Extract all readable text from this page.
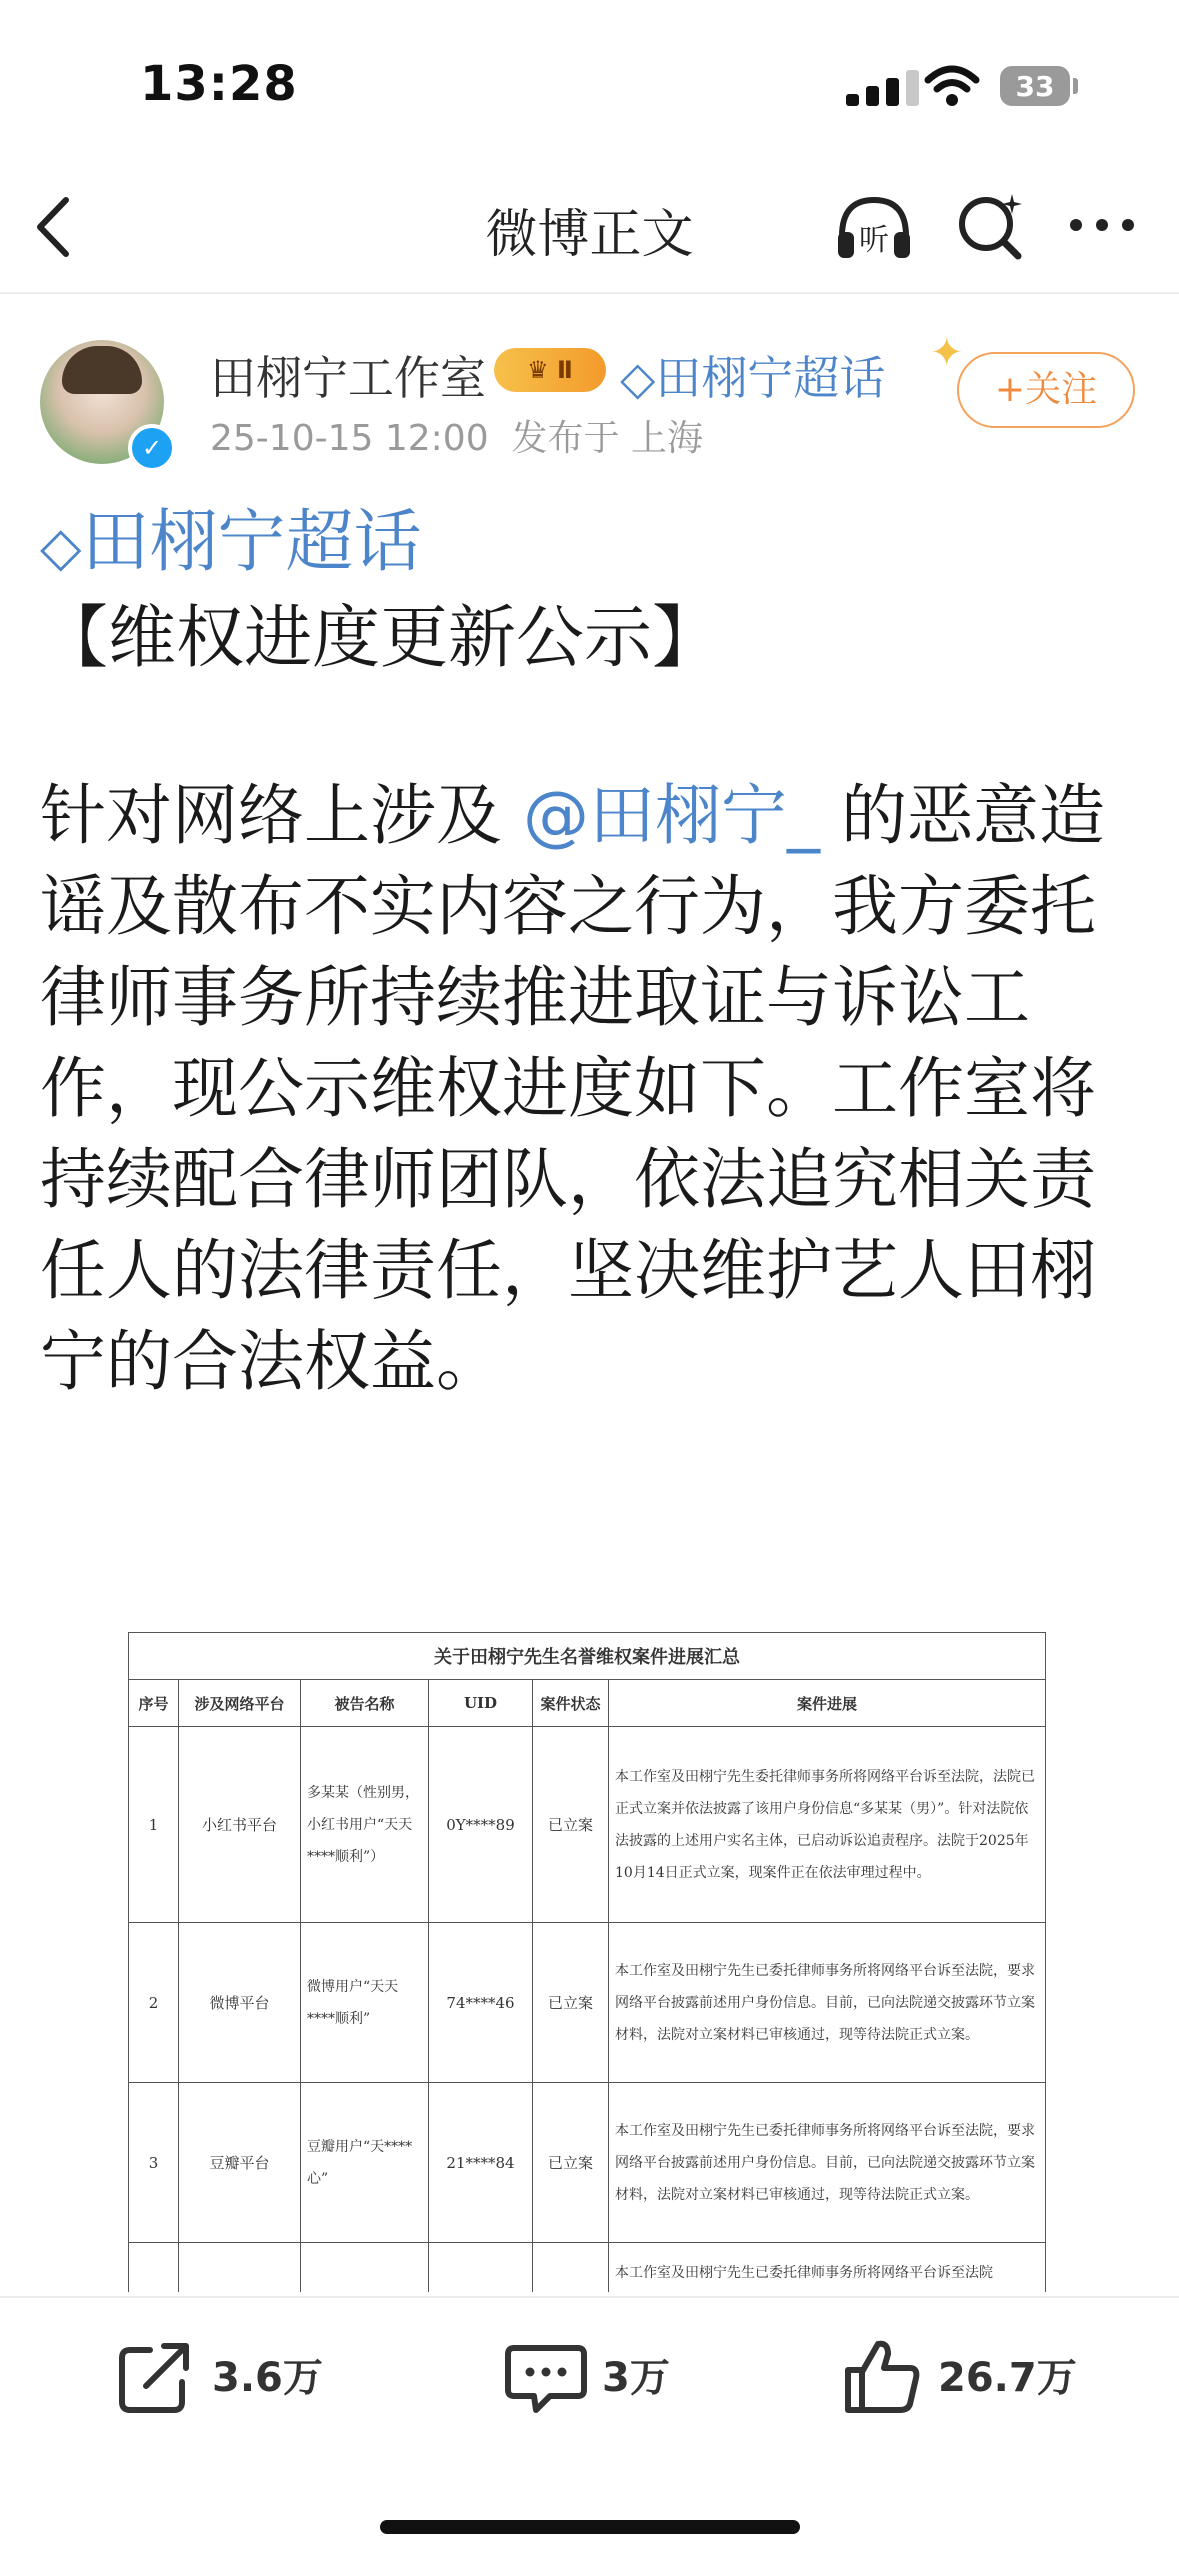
13:28	33
微博正文	听
✓
田栩宁工作室	♛ Ⅱ	◇田栩宁超话
25-10-15 12:00 发布于 上海
✦
+关注
◇田栩宁超话
【维权进度更新公示】
针对网络上涉及 @田栩宁_ 的恶意造谣及散布不实内容之行为，我方委托律师事务所持续推进取证与诉讼工作，现公示维权进度如下。工作室将持续配合律师团队，依法追究相关责任人的法律责任，坚决维护艺人田栩宁的合法权益。
关于田栩宁先生名誉维权案件进展汇总					
序号	涉及网络平台	被告名称	UID	案件状态	案件进展
1	小红书平台	多某某（性别男，小红书用户“天天****顺利”）	0Y****89	已立案	本工作室及田栩宁先生委托律师事务所将网络平台诉至法院，法院已正式立案并依法披露了该用户身份信息“多某某（男）”。针对法院依法披露的上述用户实名主体，已启动诉讼追责程序。法院于2025年10月14日正式立案，现案件正在依法审理过程中。
2	微博平台	微博用户“天天****顺利”	74****46	已立案	本工作室及田栩宁先生已委托律师事务所将网络平台诉至法院，要求网络平台披露前述用户身份信息。目前，已向法院递交披露环节立案材料，法院对立案材料已审核通过，现等待法院正式立案。
3	豆瓣平台	豆瓣用户“天****心”	21****84	已立案	本工作室及田栩宁先生已委托律师事务所将网络平台诉至法院，要求网络平台披露前述用户身份信息。目前，已向法院递交披露环节立案材料，法院对立案材料已审核通过，现等待法院正式立案。
					本工作室及田栩宁先生已委托律师事务所将网络平台诉至法院
3.6万	3万	26.7万
